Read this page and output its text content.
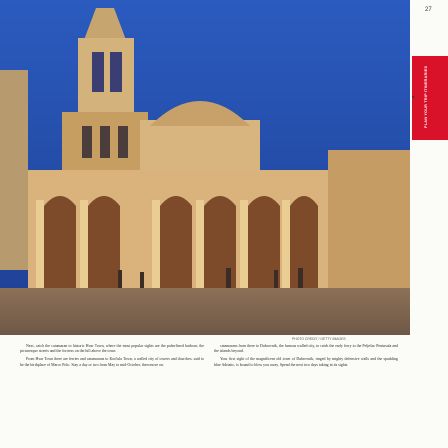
PLAN YOUR TRIP ITINERARIES
27
PHOTO CREDIT / GETTY IMAGES

Next, catch the catamaran to historic Hvar Town, where the most popular sights are the palm-lined harbour, the picturesque streets and the fortress on the hill above the town.

From Hvar Town there are ferries and catamarans to Korčula Town, a walled city of towers and churches, said to be the birthplace of Marco Polo. Stay a day or two from May to mid-October, then move on.

catamarans from there to Dubrovnik, the famous walled city, to catch the early ferry to the Pelješac Peninsula and the islands beyond.

Your first sight of the magnificent old town of Dubrovnik, ringed by mighty defensive walls and the sparkling blue Adriatic, is bound to blow you away. Spend the next two days taking in its sights.
